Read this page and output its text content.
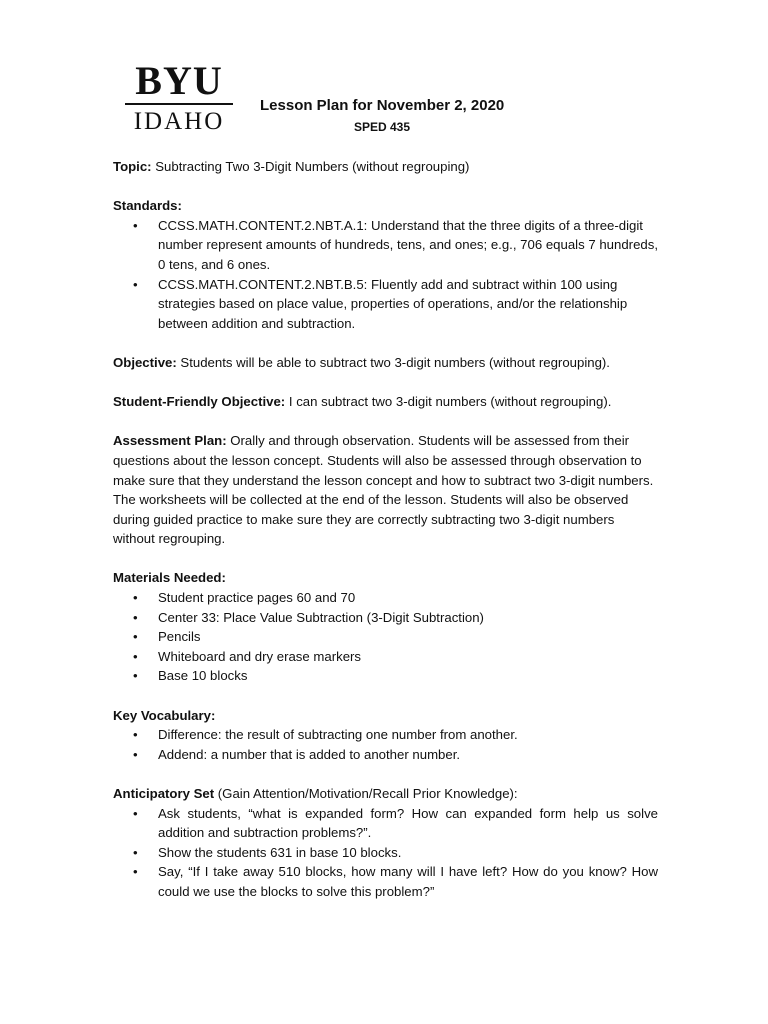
BYU
IDAHO
Lesson Plan for November 2, 2020
SPED 435

Topic: Subtracting Two 3-Digit Numbers (without regrouping)

Standards:

• CCSS.MATH.CONTENT.2.NBT.A.1: Understand that the three digits of a three-digit number represent amounts of hundreds, tens, and ones; e.g., 706 equals 7 hundreds, 0 tens, and 6 ones.
• CCSS.MATH.CONTENT.2.NBT.B.5: Fluently add and subtract within 100 using strategies based on place value, properties of operations, and/or the relationship between addition and subtraction.

Objective: Students will be able to subtract two 3-digit numbers (without regrouping).

Student-Friendly Objective: I can subtract two 3-digit numbers (without regrouping).

Assessment Plan: Orally and through observation. Students will be assessed from their questions about the lesson concept. Students will also be assessed through observation to make sure that they understand the lesson concept and how to subtract two 3-digit numbers. The worksheets will be collected at the end of the lesson. Students will also be observed during guided practice to make sure they are correctly subtracting two 3-digit numbers without regrouping.

Materials Needed:

• Student practice pages 60 and 70
• Center 33: Place Value Subtraction (3-Digit Subtraction)
• Pencils
• Whiteboard and dry erase markers
• Base 10 blocks

Key Vocabulary:

• Difference: the result of subtracting one number from another.
• Addend: a number that is added to another number.

Anticipatory Set (Gain Attention/Motivation/Recall Prior Knowledge):

• Ask students, “what is expanded form? How can expanded form help us solve addition and subtraction problems?”.
• Show the students 631 in base 10 blocks.
• Say, “If I take away 510 blocks, how many will I have left? How do you know? How could we use the blocks to solve this problem?”
